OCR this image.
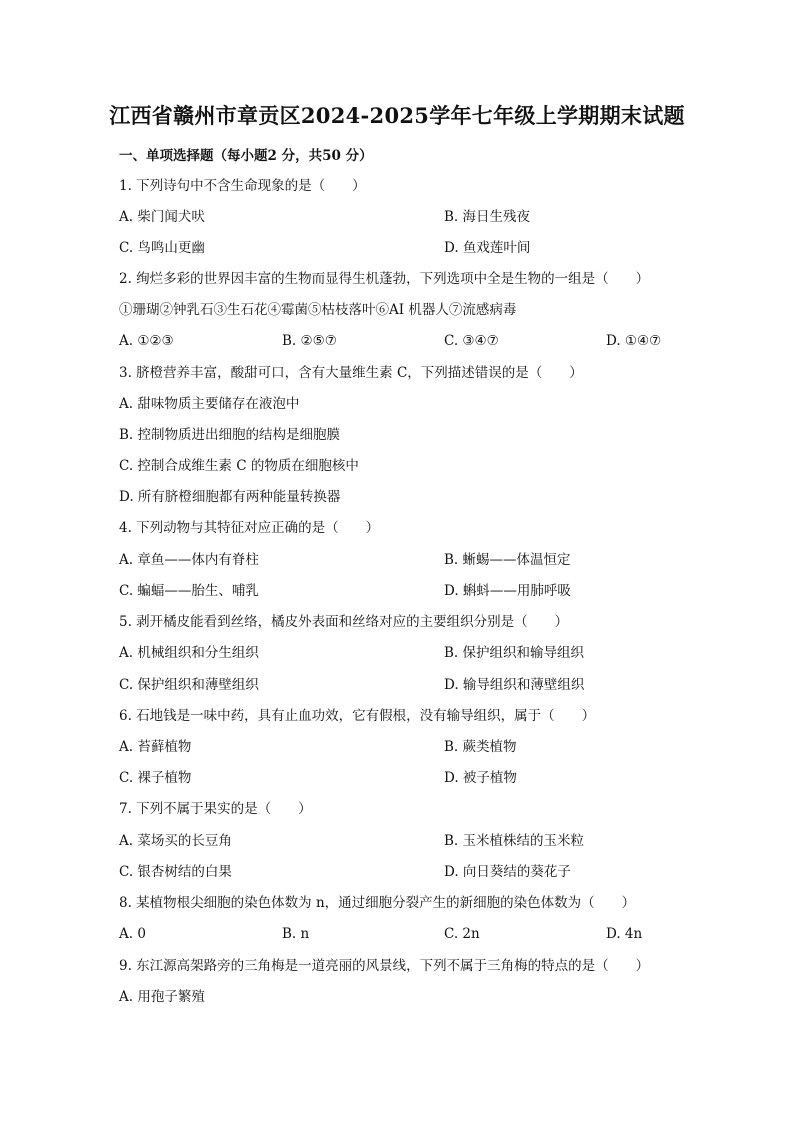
江西省赣州市章贡区2024-2025学年七年级上学期期末试题
一、单项选择题（每小题2 分，共50 分）
1. 下列诗句中不含生命现象的是（　　）
A. 柴门闻犬吠	B. 海日生残夜
C. 鸟鸣山更幽	D. 鱼戏莲叶间
2. 绚烂多彩的世界因丰富的生物而显得生机蓬勃，下列选项中全是生物的一组是（　　）
①珊瑚②钟乳石③生石花④霉菌⑤枯枝落叶⑥AI 机器人⑦流感病毒
A. ①②③	B. ②⑤⑦	C. ③④⑦	D. ①④⑦
3. 脐橙营养丰富，酸甜可口，含有大量维生素 C，下列描述错误的是（　　）
A. 甜味物质主要储存在液泡中
B. 控制物质进出细胞的结构是细胞膜
C. 控制合成维生素 C 的物质在细胞核中
D. 所有脐橙细胞都有两种能量转换器
4. 下列动物与其特征对应正确的是（　　）
A. 章鱼——体内有脊柱	B. 蜥蜴——体温恒定
C. 蝙蝠——胎生、哺乳	D. 蝌蚪——用肺呼吸
5. 剥开橘皮能看到丝络，橘皮外表面和丝络对应的主要组织分别是（　　）
A. 机械组织和分生组织	B. 保护组织和输导组织
C. 保护组织和薄壁组织	D. 输导组织和薄壁组织
6. 石地钱是一味中药，具有止血功效，它有假根，没有输导组织，属于（　　）
A. 苔藓植物	B. 蕨类植物
C. 裸子植物	D. 被子植物
7. 下列不属于果实的是（　　）
A. 菜场买的长豆角	B. 玉米植株结的玉米粒
C. 银杏树结的白果	D. 向日葵结的葵花子
8. 某植物根尖细胞的染色体数为 n，通过细胞分裂产生的新细胞的染色体数为（　　）
A. 0	B. n	C. 2n	D. 4n
9. 东江源高架路旁的三角梅是一道亮丽的风景线，下列不属于三角梅的特点的是（　　）
A. 用孢子繁殖
